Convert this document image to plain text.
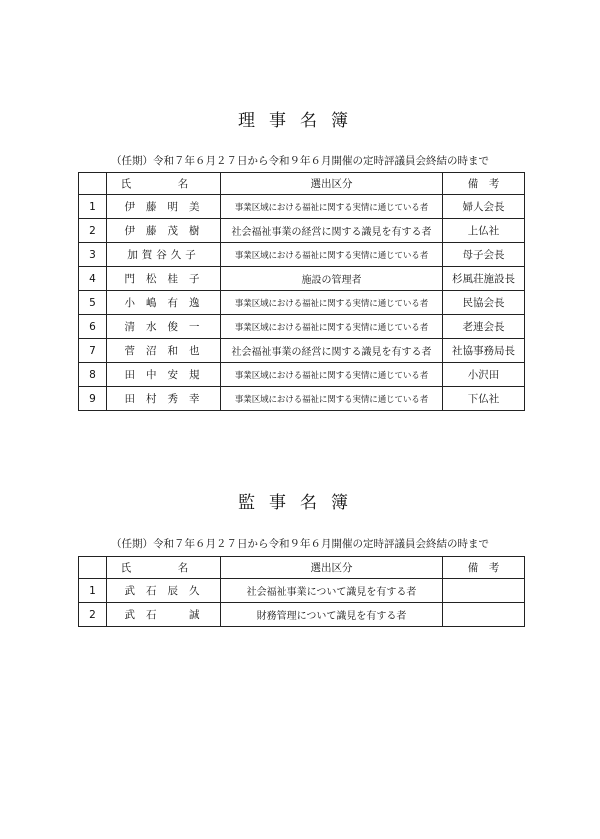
理事名簿
（任期）令和７年６月２７日から令和９年６月開催の定時評議員会終結の時まで
	氏　名	選出区分	備　考
1	伊藤明美	事業区域における福祉に関する実情に通じている者	婦人会長
2	伊藤茂樹	社会福祉事業の経営に関する識見を有する者	上仏社
3	加賀谷久子	事業区域における福祉に関する実情に通じている者	母子会長
4	門松桂子	施設の管理者	杉風荘施設長
5	小嶋有逸	事業区域における福祉に関する実情に通じている者	民協会長
6	清水俊一	事業区域における福祉に関する実情に通じている者	老連会長
7	菅沼和也	社会福祉事業の経営に関する識見を有する者	社協事務局長
8	田中安規	事業区域における福祉に関する実情に通じている者	小沢田
9	田村秀幸	事業区域における福祉に関する実情に通じている者	下仏社
監事名簿
（任期）令和７年６月２７日から令和９年６月開催の定時評議員会終結の時まで
	氏　名	選出区分	備　考
1	武石辰久	社会福祉事業について識見を有する者	
2	武石　誠	財務管理について識見を有する者	
